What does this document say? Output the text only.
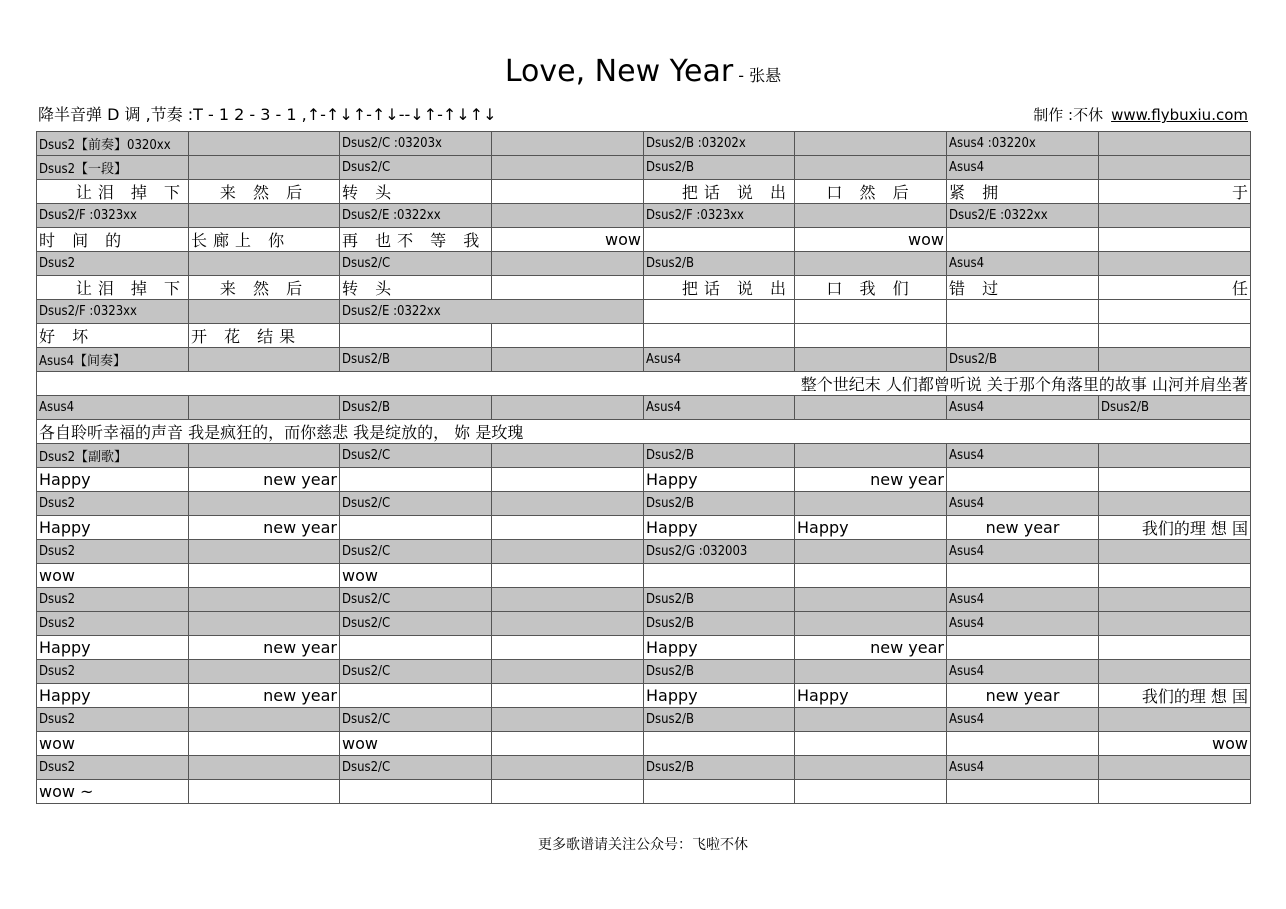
Love, New Year - 张悬
降半音弹 D 调 ,节奏 :T - 1 2 - 3 - 1 ,↑-↑↓↑-↑↓--↓↑-↑↓↑↓	制作 :不休 www.flybuxiu.com
Dsus2【前奏】0320xx		Dsus2/C :03203x		Dsus2/B :03202x		Asus4 :03220x	
Dsus2【一段】		Dsus2/C		Dsus2/B		Asus4	
让泪 掉 下	来 然 后	转 头		把话 说 出	口 然 后	紧 拥	于
Dsus2/F :0323xx		Dsus2/E :0322xx		Dsus2/F :0323xx		Dsus2/E :0322xx	
时 间 的	长廊上 你	再 也不 等 我	wow		wow		
Dsus2		Dsus2/C		Dsus2/B		Asus4	
让泪 掉 下	来 然 后	转 头		把话 说 出	口 我 们	错 过	任
Dsus2/F :0323xx		Dsus2/E :0322xx					
好 坏	开 花 结果						
Asus4【间奏】		Dsus2/B		Asus4		Dsus2/B	
整个世纪末 人们都曾听说 关于那个角落里的故事 山河并肩坐著							
Asus4		Dsus2/B		Asus4		Asus4	Dsus2/B
各自聆听幸福的声音 我是疯狂的，而你慈悲 我是绽放的， 妳 是玫瑰							
Dsus2【副歌】		Dsus2/C		Dsus2/B		Asus4	
Happy	new year			Happy	new year		
Dsus2		Dsus2/C		Dsus2/B		Asus4	
Happy	new year			Happy	Happy	new year	我们的理 想 国
Dsus2		Dsus2/C		Dsus2/G :032003		Asus4	
wow		wow					
Dsus2		Dsus2/C		Dsus2/B		Asus4	
Dsus2		Dsus2/C		Dsus2/B		Asus4	
Happy	new year			Happy	new year		
Dsus2		Dsus2/C		Dsus2/B		Asus4	
Happy	new year			Happy	Happy	new year	我们的理 想 国
Dsus2		Dsus2/C		Dsus2/B		Asus4	
wow		wow					wow
Dsus2		Dsus2/C		Dsus2/B		Asus4	
wow ~							
更多歌谱请关注公众号：飞啦不休
